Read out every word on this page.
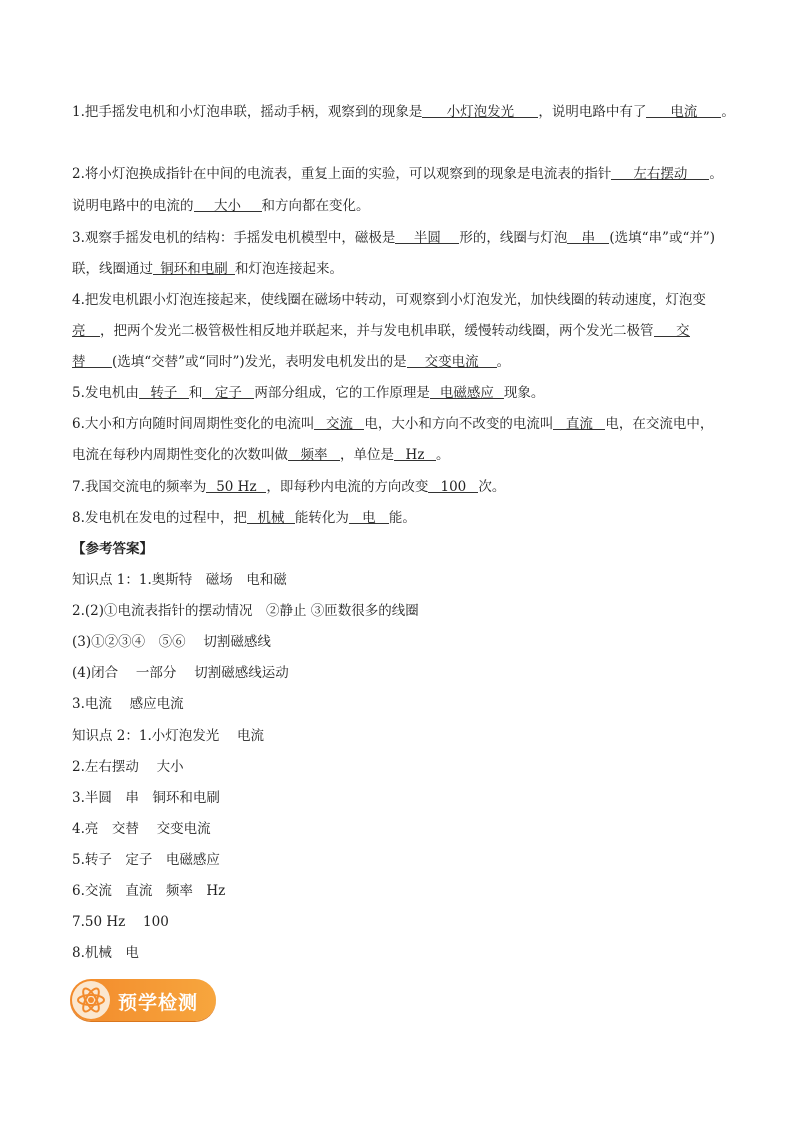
1.把手摇发电机和小灯泡串联，摇动手柄，观察到的现象是 小灯泡发光 ，说明电路中有了 电流 。
2.将小灯泡换成指针在中间的电流表，重复上面的实验，可以观察到的现象是电流表的指针 左右摆动 。
说明电路中的电流的 大小 和方向都在变化。
3.观察手摇发电机的结构：手摇发电机模型中，磁极是 半圆 形的，线圈与灯泡 串 (选填“串”或“并”)
联，线圈通过 铜环和电刷 和灯泡连接起来。
4.把发电机跟小灯泡连接起来，使线圈在磁场中转动，可观察到小灯泡发光，加快线圈的转动速度，灯泡变
亮 ，把两个发光二极管极性相反地并联起来，并与发电机串联，缓慢转动线圈，两个发光二极管 交
替 (选填“交替”或“同时”)发光，表明发电机发出的是 交变电流 。
5.发电机由 转子 和 定子 两部分组成，它的工作原理是 电磁感应 现象。
6.大小和方向随时间周期性变化的电流叫 交流 电，大小和方向不改变的电流叫 直流 电，在交流电中，
电流在每秒内周期性变化的次数叫做 频率 ，单位是 Hz 。
7.我国交流电的频率为 50 Hz ，即每秒内电流的方向改变 100 次。
8.发电机在发电的过程中，把 机械 能转化为 电 能。
【参考答案】
知识点 1：1.奥斯特　磁场　电和磁
2.(2)①电流表指针的摆动情况　②静止 ③匝数很多的线圈
(3)①②③④　⑤⑥　 切割磁感线
(4)闭合　 一部分　 切割磁感线运动
3.电流　 感应电流
知识点 2：1.小灯泡发光　 电流
2.左右摆动　 大小
3.半圆　串　铜环和电刷
4.亮　交替　 交变电流
5.转子　定子　电磁感应
6.交流　直流　频率　Hz
7.50 Hz　 100
8.机械　电
预学检测
